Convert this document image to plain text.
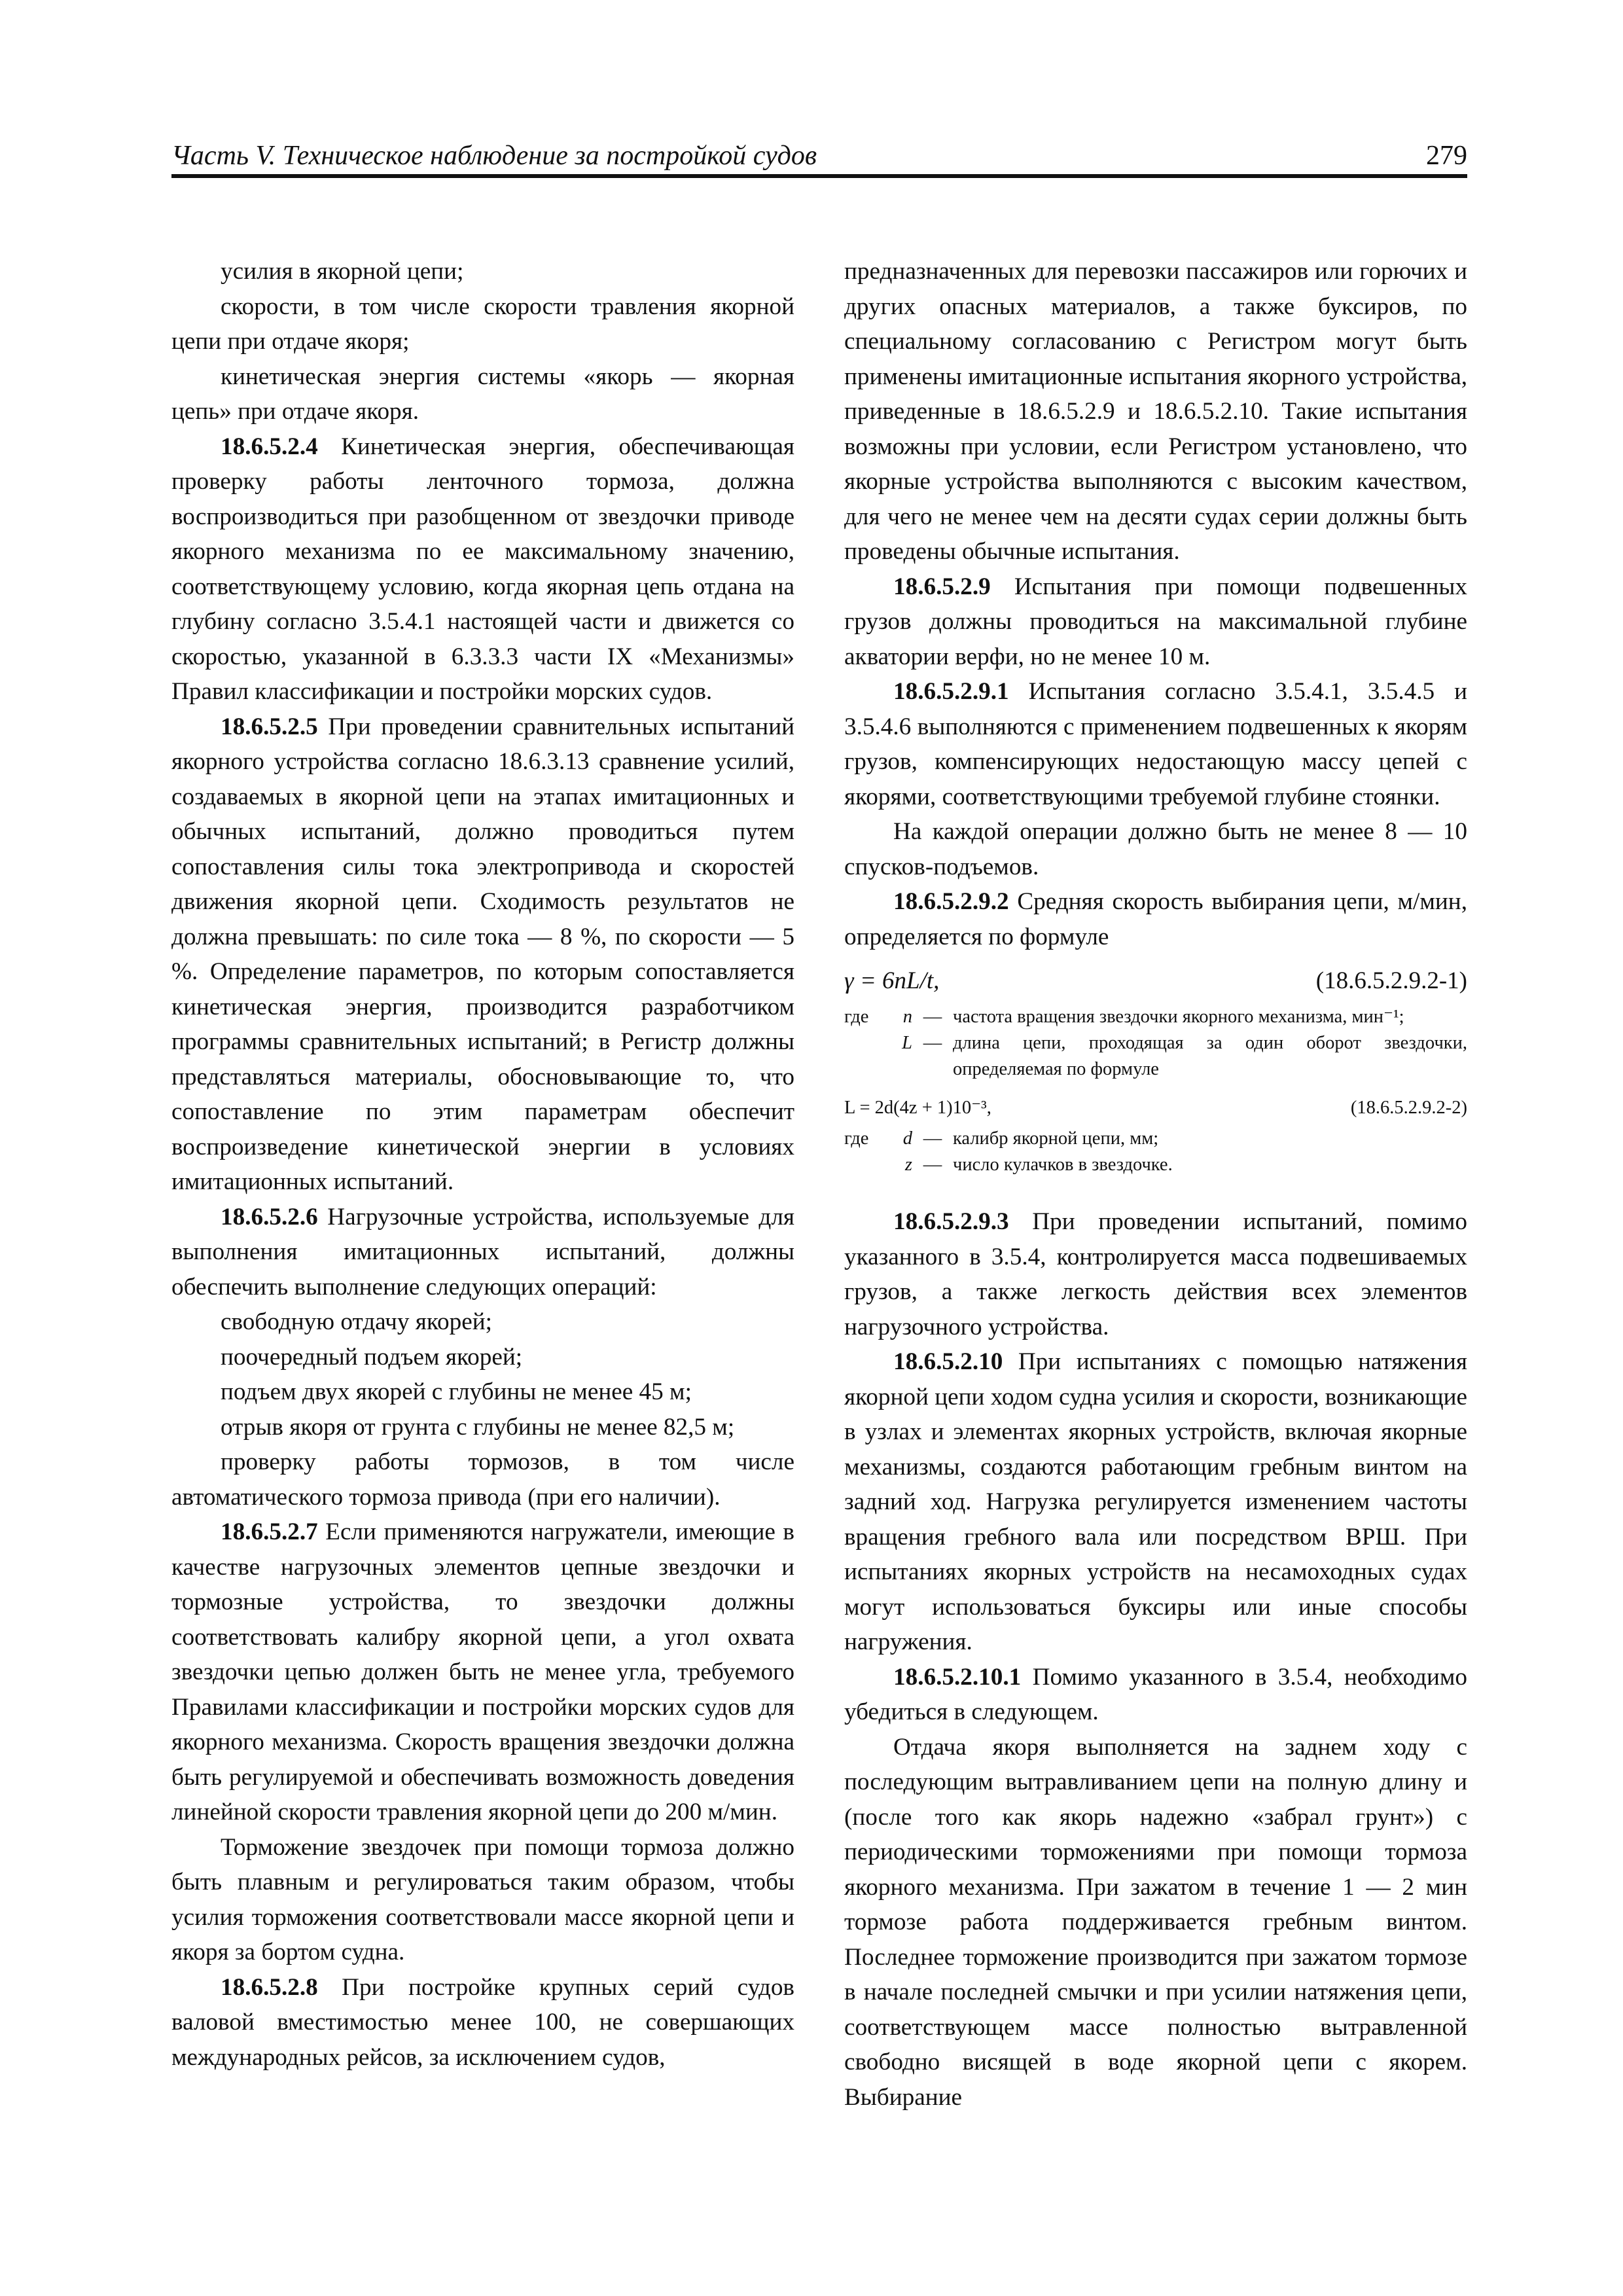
Часть V. Техническое наблюдение за постройкой судов	279

усилия в якорной цепи;

скорости, в том числе скорости травления якорной цепи при отдаче якоря;

кинетическая энергия системы «якорь — якорная цепь» при отдаче якоря.

18.6.5.2.4 Кинетическая энергия, обеспечивающая проверку работы ленточного тормоза, должна воспроизводиться при разобщенном от звездочки приводе якорного механизма по ее максимальному значению, соответствующему условию, когда якорная цепь отдана на глубину согласно 3.5.4.1 настоящей части и движется со скоростью, указанной в 6.3.3.3 части IX «Механизмы» Правил классификации и постройки морских судов.

18.6.5.2.5 При проведении сравнительных испытаний якорного устройства согласно 18.6.3.13 сравнение усилий, создаваемых в якорной цепи на этапах имитационных и обычных испытаний, должно проводиться путем сопоставления силы тока электропривода и скоростей движения якорной цепи. Сходимость результатов не должна превышать: по силе тока — 8 %, по скорости — 5 %. Определение параметров, по которым сопоставляется кинетическая энергия, производится разработчиком программы сравнительных испытаний; в Регистр должны представляться материалы, обосновывающие то, что сопоставление по этим параметрам обеспечит воспроизведение кинетической энергии в условиях имитационных испытаний.

18.6.5.2.6 Нагрузочные устройства, используемые для выполнения имитационных испытаний, должны обеспечить выполнение следующих операций:

свободную отдачу якорей;

поочередный подъем якорей;

подъем двух якорей с глубины не менее 45 м;

отрыв якоря от грунта с глубины не менее 82,5 м;

проверку работы тормозов, в том числе автоматического тормоза привода (при его наличии).

18.6.5.2.7 Если применяются нагружатели, имеющие в качестве нагрузочных элементов цепные звездочки и тормозные устройства, то звездочки должны соответствовать калибру якорной цепи, а угол охвата звездочки цепью должен быть не менее угла, требуемого Правилами классификации и постройки морских судов для якорного механизма. Скорость вращения звездочки должна быть регулируемой и обеспечивать возможность доведения линейной скорости травления якорной цепи до 200 м/мин.

Торможение звездочек при помощи тормоза должно быть плавным и регулироваться таким образом, чтобы усилия торможения соответствовали массе якорной цепи и якоря за бортом судна.

18.6.5.2.8 При постройке крупных серий судов валовой вместимостью менее 100, не совершающих международных рейсов, за исключением судов,

предназначенных для перевозки пассажиров или горючих и других опасных материалов, а также буксиров, по специальному согласованию с Регистром могут быть применены имитационные испытания якорного устройства, приведенные в 18.6.5.2.9 и 18.6.5.2.10. Такие испытания возможны при условии, если Регистром установлено, что якорные устройства выполняются с высоким качеством, для чего не менее чем на десяти судах серии должны быть проведены обычные испытания.

18.6.5.2.9 Испытания при помощи подвешенных грузов должны проводиться на максимальной глубине акватории верфи, но не менее 10 м.

18.6.5.2.9.1 Испытания согласно 3.5.4.1, 3.5.4.5 и 3.5.4.6 выполняются с применением подвешенных к якорям грузов, компенсирующих недостающую массу цепей с якорями, соответствующими требуемой глубине стоянки.

На каждой операции должно быть не менее 8 — 10 спусков-подъемов.

18.6.5.2.9.2 Средняя скорость выбирания цепи, м/мин, определяется по формуле

γ = 6nL/t,	(18.6.5.2.9.2-1)
где	n — частота вращения звездочки якорного механизма, мин⁻¹;
L — длина цепи, проходящая за один оборот звездочки, определяемая по формуле
L = 2d(4z + 1)10⁻³,	(18.6.5.2.9.2-2)
где	d — калибр якорной цепи, мм;
z — число кулачков в звездочке.

18.6.5.2.9.3 При проведении испытаний, помимо указанного в 3.5.4, контролируется масса подвешиваемых грузов, а также легкость действия всех элементов нагрузочного устройства.

18.6.5.2.10 При испытаниях с помощью натяжения якорной цепи ходом судна усилия и скорости, возникающие в узлах и элементах якорных устройств, включая якорные механизмы, создаются работающим гребным винтом на задний ход. Нагрузка регулируется изменением частоты вращения гребного вала или посредством ВРШ. При испытаниях якорных устройств на несамоходных судах могут использоваться буксиры или иные способы нагружения.

18.6.5.2.10.1 Помимо указанного в 3.5.4, необходимо убедиться в следующем.

Отдача якоря выполняется на заднем ходу с последующим вытравливанием цепи на полную длину и (после того как якорь надежно «забрал грунт») с периодическими торможениями при помощи тормоза якорного механизма. При зажатом в течение 1 — 2 мин тормозе работа поддерживается гребным винтом. Последнее торможение производится при зажатом тормозе в начале последней смычки и при усилии натяжения цепи, соответствующем массе полностью вытравленной свободно висящей в воде якорной цепи с якорем. Выбирание
